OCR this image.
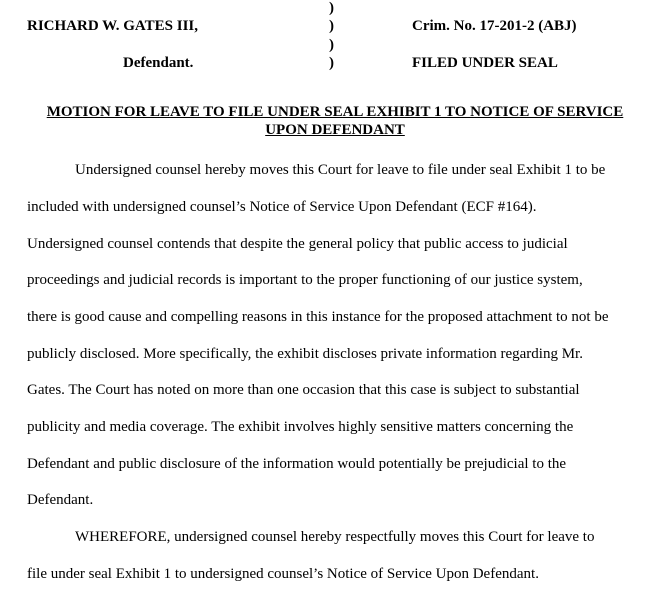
RICHARD W. GATES III,
Defendant.
)
)
)
)
Crim. No. 17-201-2 (ABJ)
FILED UNDER SEAL
MOTION FOR LEAVE TO FILE UNDER SEAL EXHIBIT 1 TO NOTICE OF SERVICE
UPON DEFENDANT
Undersigned counsel hereby moves this Court for leave to file under seal Exhibit 1 to be
included with undersigned counsel’s Notice of Service Upon Defendant (ECF #164).
Undersigned counsel contends that despite the general policy that public access to judicial
proceedings and judicial records is important to the proper functioning of our justice system,
there is good cause and compelling reasons in this instance for the proposed attachment to not be
publicly disclosed. More specifically, the exhibit discloses private information regarding Mr.
Gates. The Court has noted on more than one occasion that this case is subject to substantial
publicity and media coverage. The exhibit involves highly sensitive matters concerning the
Defendant and public disclosure of the information would potentially be prejudicial to the
Defendant.
WHEREFORE, undersigned counsel hereby respectfully moves this Court for leave to
file under seal Exhibit 1 to undersigned counsel’s Notice of Service Upon Defendant.
